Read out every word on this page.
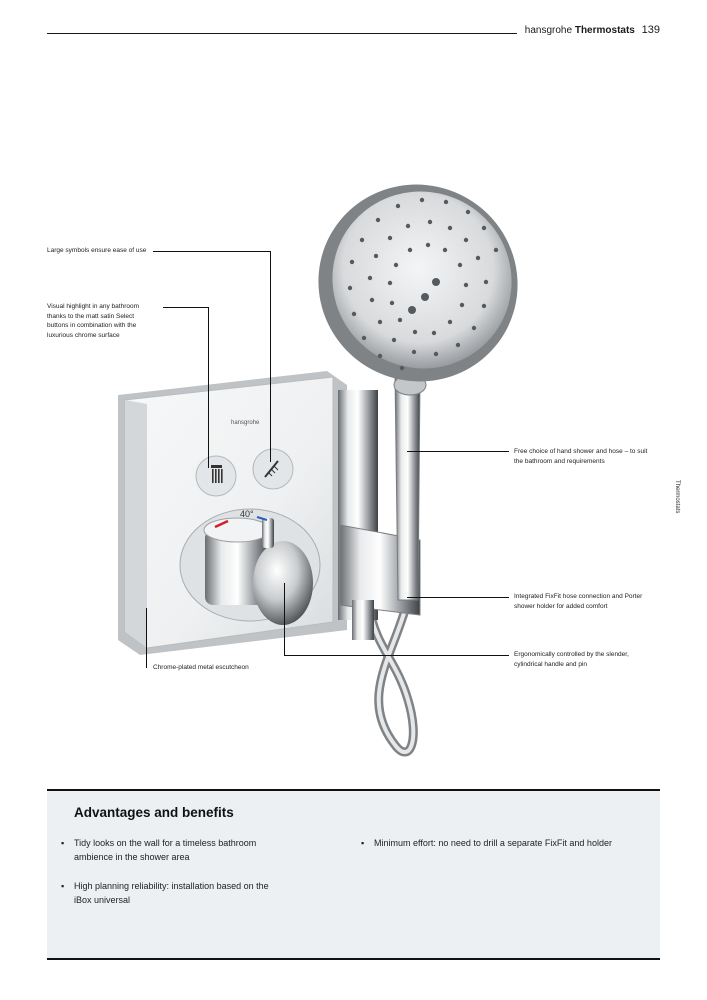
hansgrohe Thermostats 139
Thermostats
hansgrohe
40°
Large symbols ensure ease of use
Visual highlight in any bathroom thanks to the matt satin Select buttons in combination with the luxurious chrome surface
Chrome-plated metal escutcheon
Free choice of hand shower and hose – to suit the bathroom and requirements
Integrated FixFit hose connection and Porter shower holder for added comfort
Ergonomically controlled by the slender, cylindrical handle and pin
Advantages and benefits
▪ Tidy looks on the wall for a timeless bathroom ambience in the shower area
▪ High planning reliability: installation based on the iBox universal
▪ Minimum effort: no need to drill a separate FixFit and holder
